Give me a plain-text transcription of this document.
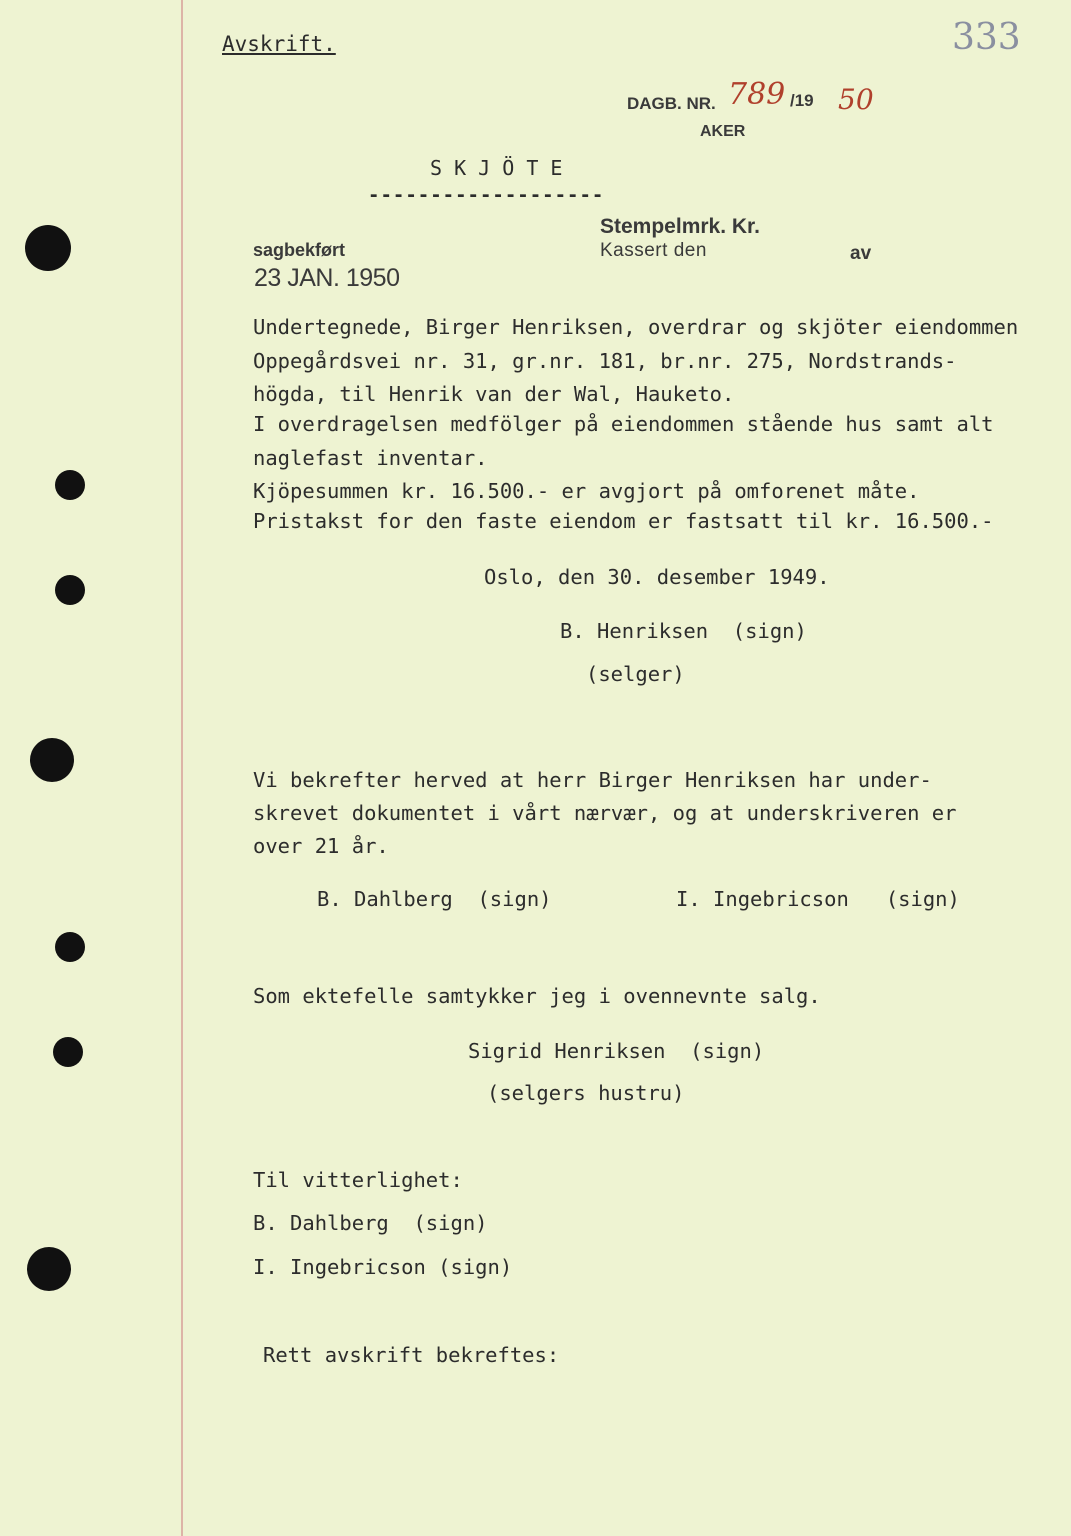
Avskrift.	333
DAGB. NR. 789 /19 50
AKER
S K J Ö T E
-------------------
Stempelmrk. Kr.
Kassert den	av
sagbekført
23 JAN. 1950
Undertegnede, Birger Henriksen, overdrar og skjöter eiendommen
Oppegårdsvei nr. 31, gr.nr. 181, br.nr. 275, Nordstrands-
högda, til Henrik van der Wal, Hauketo.
I overdragelsen medfölger på eiendommen stående hus samt alt
naglefast inventar.
Kjöpesummen kr. 16.500.- er avgjort på omforenet måte.
Pristakst for den faste eiendom er fastsatt til kr. 16.500.-
Oslo, den 30. desember 1949.
B. Henriksen  (sign)
(selger)
Vi bekrefter herved at herr Birger Henriksen har under-
skrevet dokumentet i vårt nærvær, og at underskriveren er
over 21 år.
B. Dahlberg  (sign)	I. Ingebricson   (sign)
Som ektefelle samtykker jeg i ovennevnte salg.
Sigrid Henriksen  (sign)
(selgers hustru)
Til vitterlighet:
B. Dahlberg  (sign)
I. Ingebricson (sign)
Rett avskrift bekreftes:
